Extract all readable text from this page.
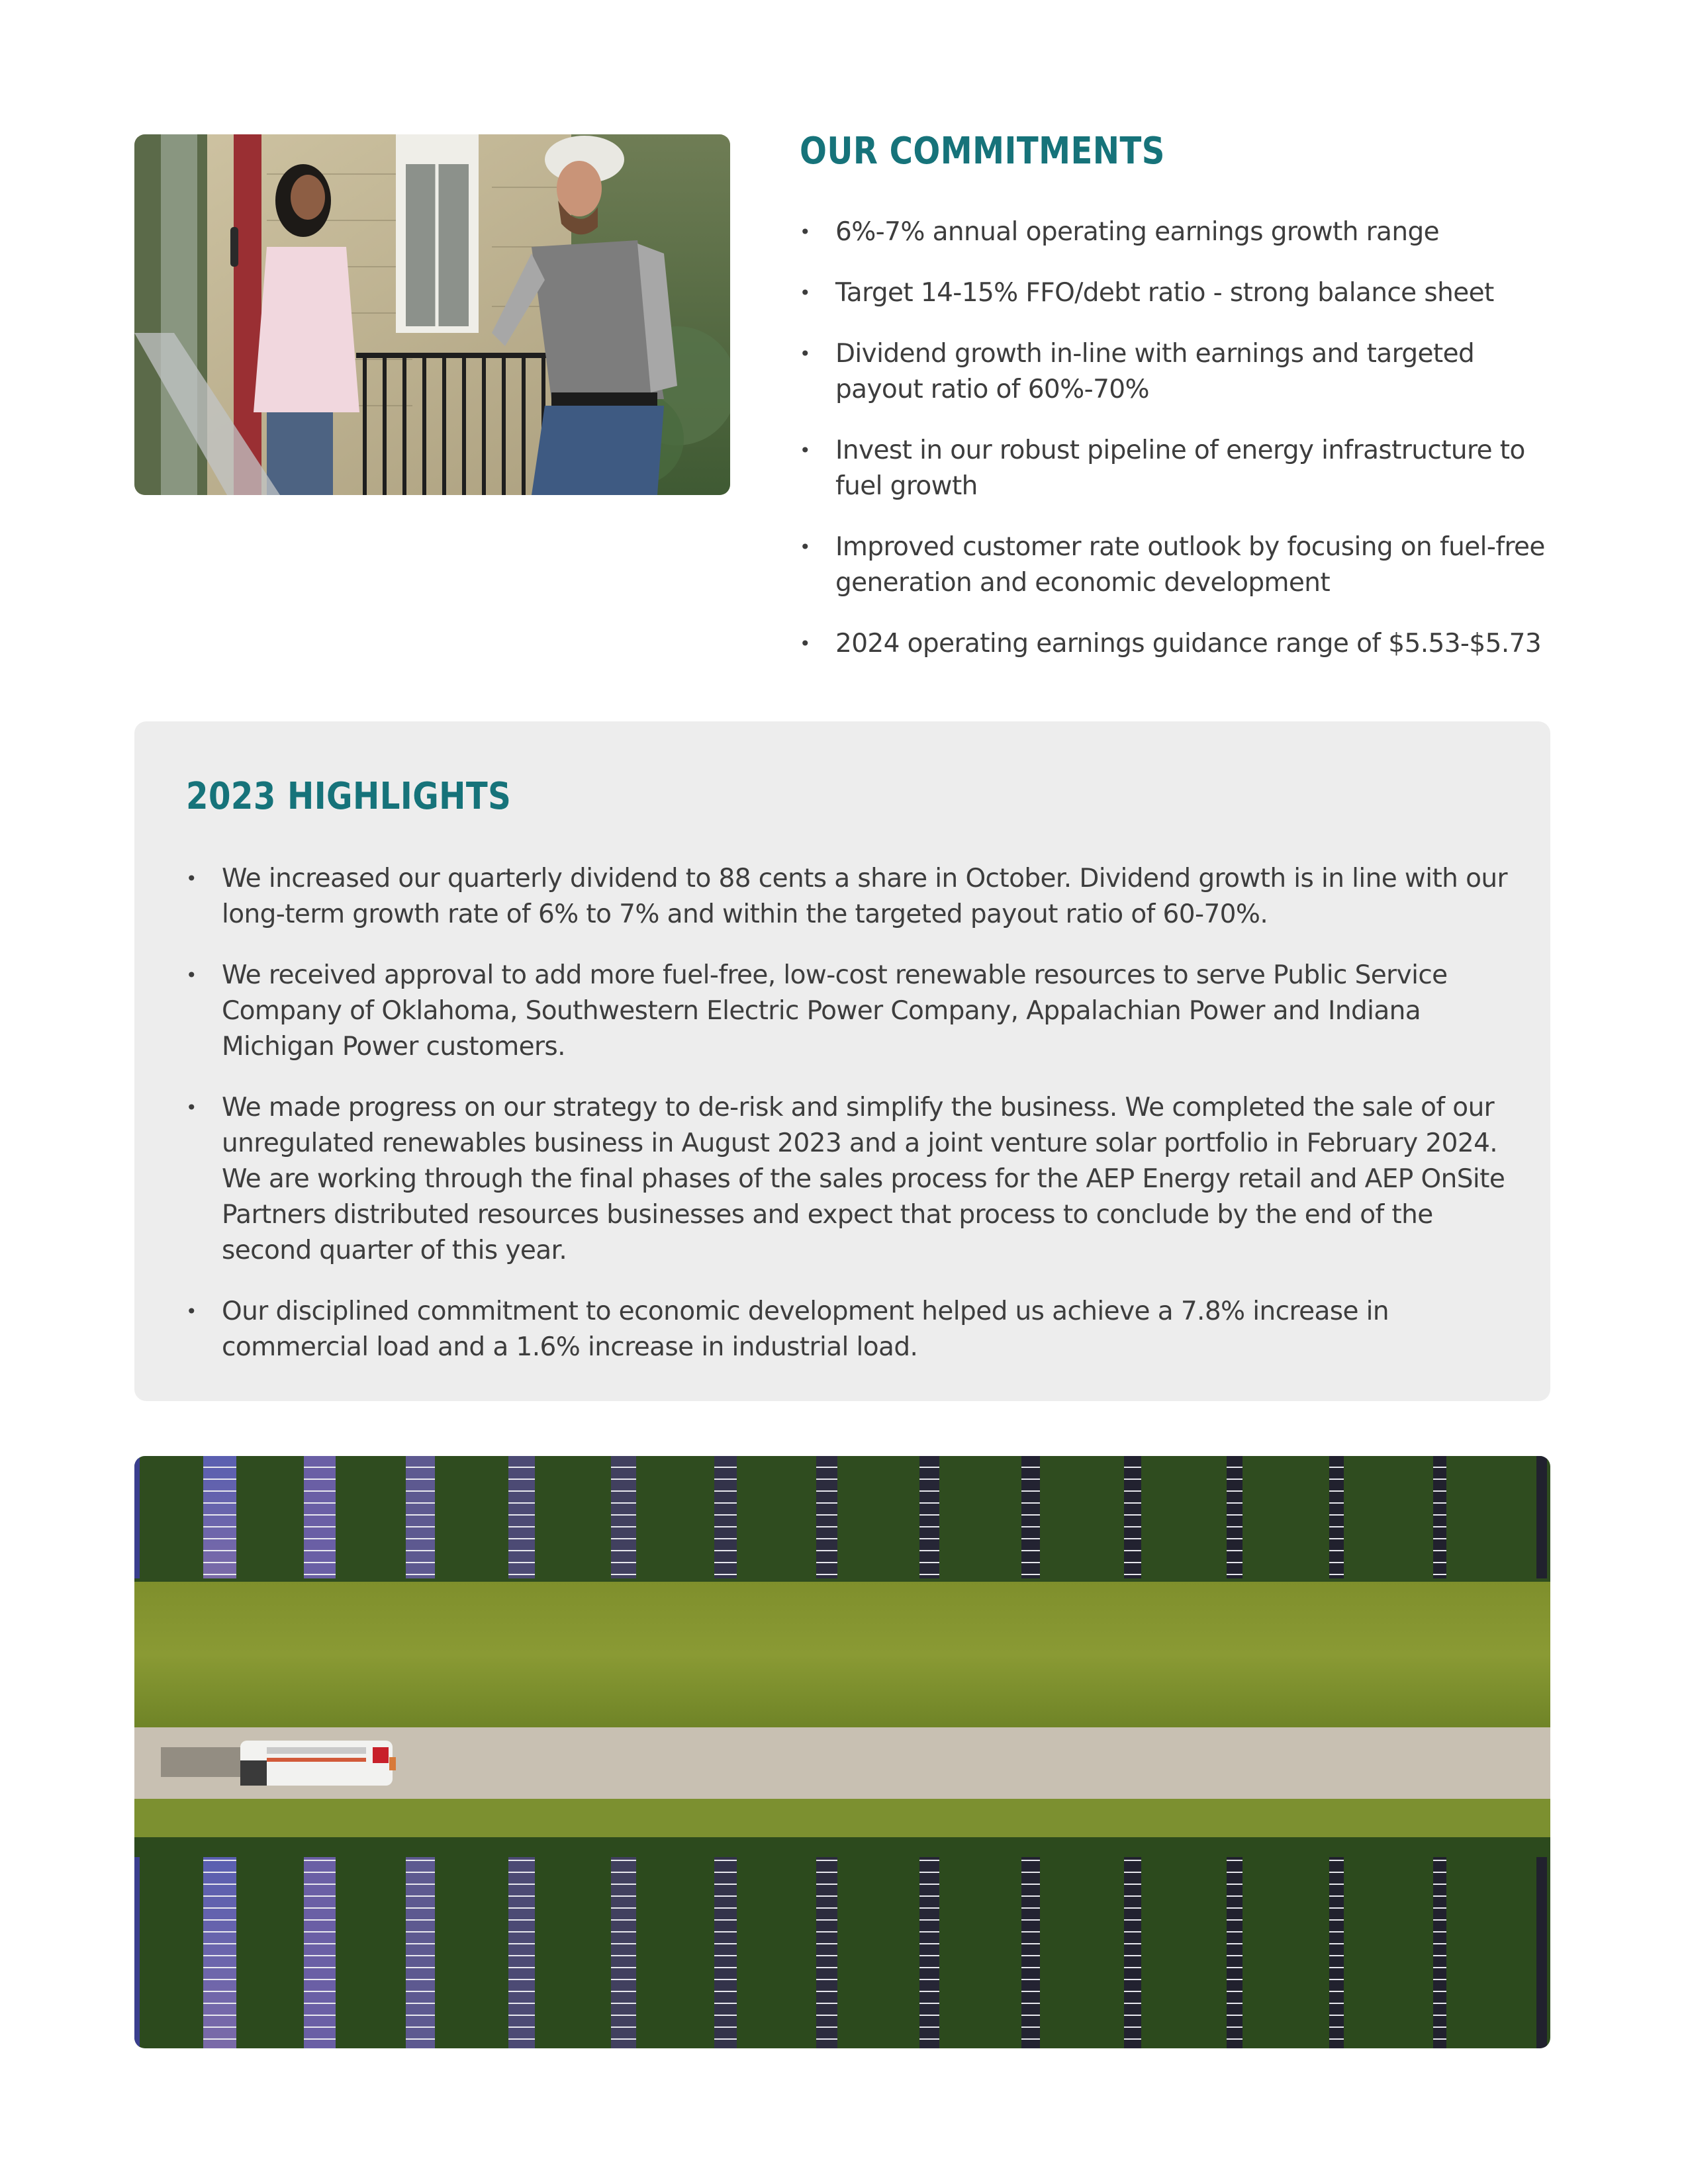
OUR COMMITMENTS
• 6%-7% annual operating earnings growth range
• Target 14-15% FFO/debt ratio - strong balance sheet
• Dividend growth in-line with earnings and targeted payout ratio of 60%-70%
• Invest in our robust pipeline of energy infrastructure to fuel growth
• Improved customer rate outlook by focusing on fuel-free generation and economic development
• 2024 operating earnings guidance range of $5.53-$5.73
2023 HIGHLIGHTS
• We increased our quarterly dividend to 88 cents a share in October. Dividend growth is in line with our long-term growth rate of 6% to 7% and within the targeted payout ratio of 60-70%.
• We received approval to add more fuel-free, low-cost renewable resources to serve Public Service Company of Oklahoma, Southwestern Electric Power Company, Appalachian Power and Indiana Michigan Power customers.
• We made progress on our strategy to de-risk and simplify the business. We completed the sale of our unregulated renewables business in August 2023 and a joint venture solar portfolio in February 2024. We are working through the final phases of the sales process for the AEP Energy retail and AEP OnSite Partners distributed resources businesses and expect that process to conclude by the end of the second quarter of this year.
• Our disciplined commitment to economic development helped us achieve a 7.8% increase in commercial load and a 1.6% increase in industrial load.
